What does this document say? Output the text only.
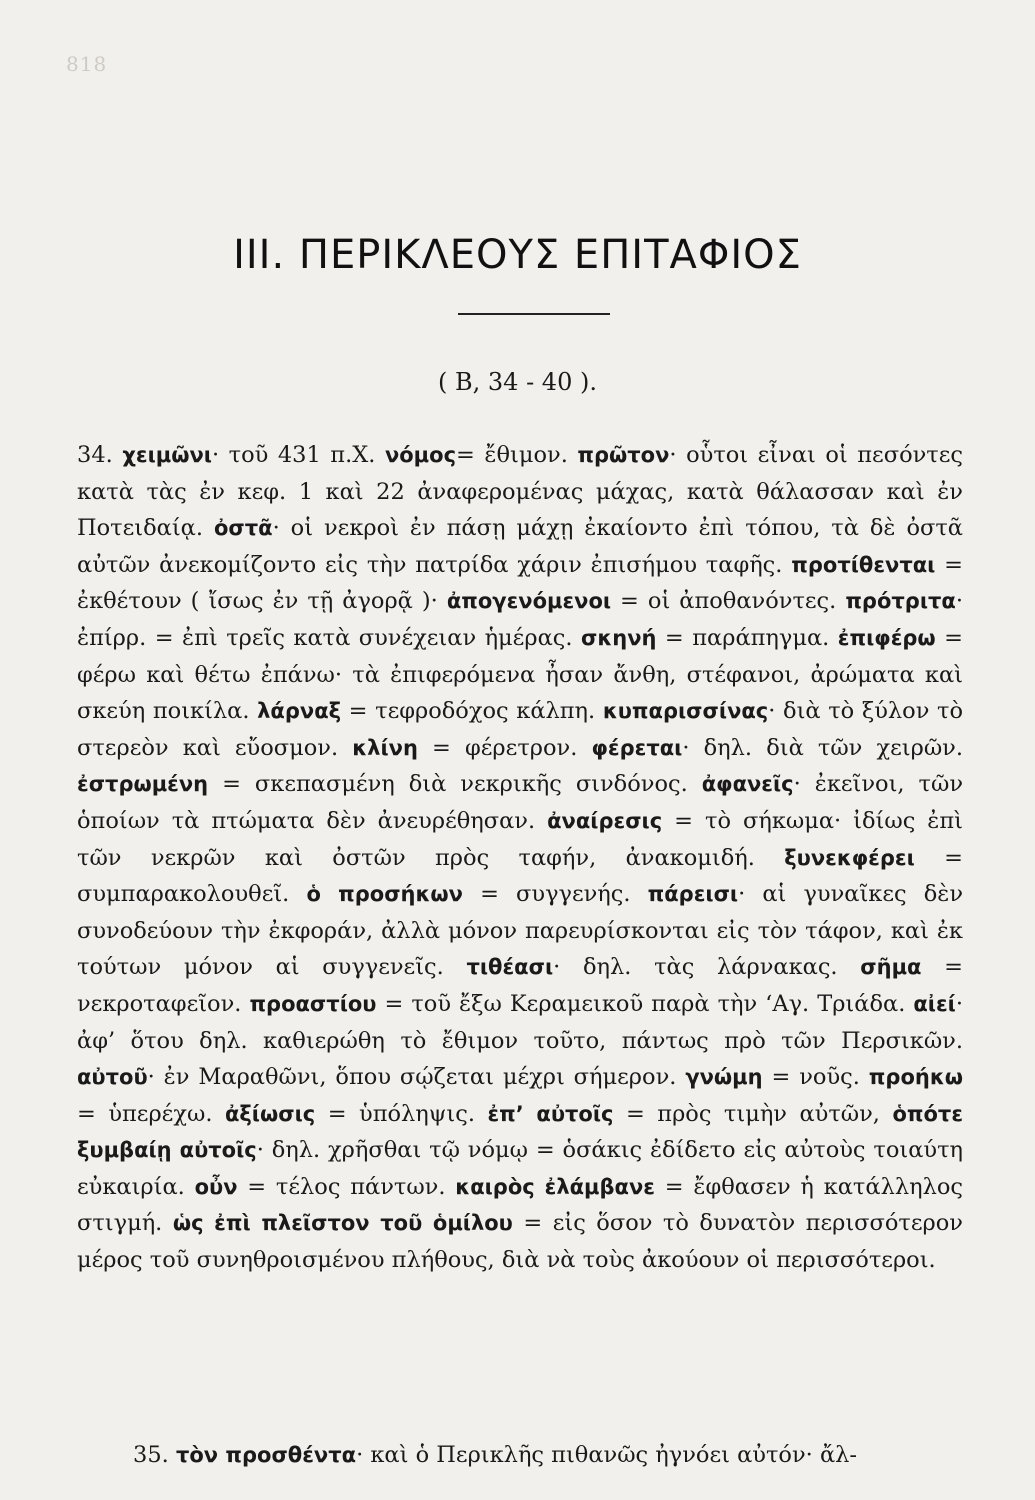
818
III. ΠΕΡΙΚΛΕΟΥΣ ΕΠΙΤΑΦΙΟΣ
( B, 34 - 40 ).

34. χειμῶνι· τοῦ 431 π.Χ. νόμος= ἔθιμον. πρῶτον· οὗτοι εἶναι οἱ πεσόντες κατὰ τὰς ἐν κεφ. 1 καὶ 22 ἀναφερομένας μάχας, κατὰ θάλασσαν καὶ ἐν Ποτειδαίᾳ. ὀστᾶ· οἱ νεκροὶ ἐν πάσῃ μάχῃ ἐκαίοντο ἐπὶ τόπου, τὰ δὲ ὀστᾶ αὐτῶν ἀνεκομίζοντο εἰς τὴν πατρίδα χάριν ἐπισήμου ταφῆς. προτίθενται = ἐκθέτουν ( ἴσως ἐν τῇ ἀγορᾷ )· ἀπογενόμενοι = οἱ ἀποθανόντες. πρότριτα· ἐπίρρ. = ἐπὶ τρεῖς κατὰ συνέχειαν ἡμέρας. σκηνή = παράπηγμα. ἐπιφέρω = φέρω καὶ θέτω ἐπάνω· τὰ ἐπιφερόμενα ἦσαν ἄνθη, στέφανοι, ἀρώματα καὶ σκεύη ποικίλα. λάρναξ = τεφροδόχος κάλπη. κυπαρισσίνας· διὰ τὸ ξύλον τὸ στερεὸν καὶ εὔοσμον. κλίνη = φέρετρον. φέρεται· δηλ. διὰ τῶν χειρῶν. ἐστρωμένη = σκεπασμένη διὰ νεκρικῆς σινδόνος. ἀφανεῖς· ἐκεῖνοι, τῶν ὁποίων τὰ πτώματα δὲν ἀνευρέθησαν. ἀναίρεσις = τὸ σήκωμα· ἰδίως ἐπὶ τῶν νεκρῶν καὶ ὀστῶν πρὸς ταφήν, ἀνακομιδή. ξυνεκφέρει = συμπαρακολουθεῖ. ὁ προσήκων = συγγενής. πάρεισι· αἱ γυναῖκες δὲν συνοδεύουν τὴν ἐκφοράν, ἀλλὰ μόνον παρευρίσκονται εἰς τὸν τάφον, καὶ ἐκ τούτων μόνον αἱ συγγενεῖς. τιθέασι· δηλ. τὰς λάρνακας. σῆμα = νεκροταφεῖον. προαστίου = τοῦ ἔξω Κεραμεικοῦ παρὰ τὴν ‘Αγ. Τριάδα. αἰεί· ἀφ’ ὅτου δηλ. καθιερώθη τὸ ἔθιμον τοῦτο, πάντως πρὸ τῶν Περσικῶν. αὐτοῦ· ἐν Μαραθῶνι, ὅπου σῴζεται μέχρι σήμερον. γνώμη = νοῦς. προήκω = ὑπερέχω. ἀξίωσις = ὑπόληψις. ἐπ’ αὐτοῖς = πρὸς τιμὴν αὐτῶν, ὁπότε ξυμβαίῃ αὐτοῖς· δηλ. χρῆσθαι τῷ νόμῳ = ὁσάκις ἐδίδετο εἰς αὐτοὺς τοιαύτη εὐκαιρία. οὖν = τέλος πάντων. καιρὸς ἐλάμβανε = ἔφθασεν ἡ κατάλληλος στιγμή. ὡς ἐπὶ πλεῖστον τοῦ ὁμίλου = εἰς ὅσον τὸ δυνατὸν περισσότερον μέρος τοῦ συνηθροισμένου πλήθους, διὰ νὰ τοὺς ἀκούουν οἱ περισσότεροι.

35. τὸν προσθέντα· καὶ ὁ Περικλῆς πιθανῶς ἠγνόει αὐτόν· ἄλ-
